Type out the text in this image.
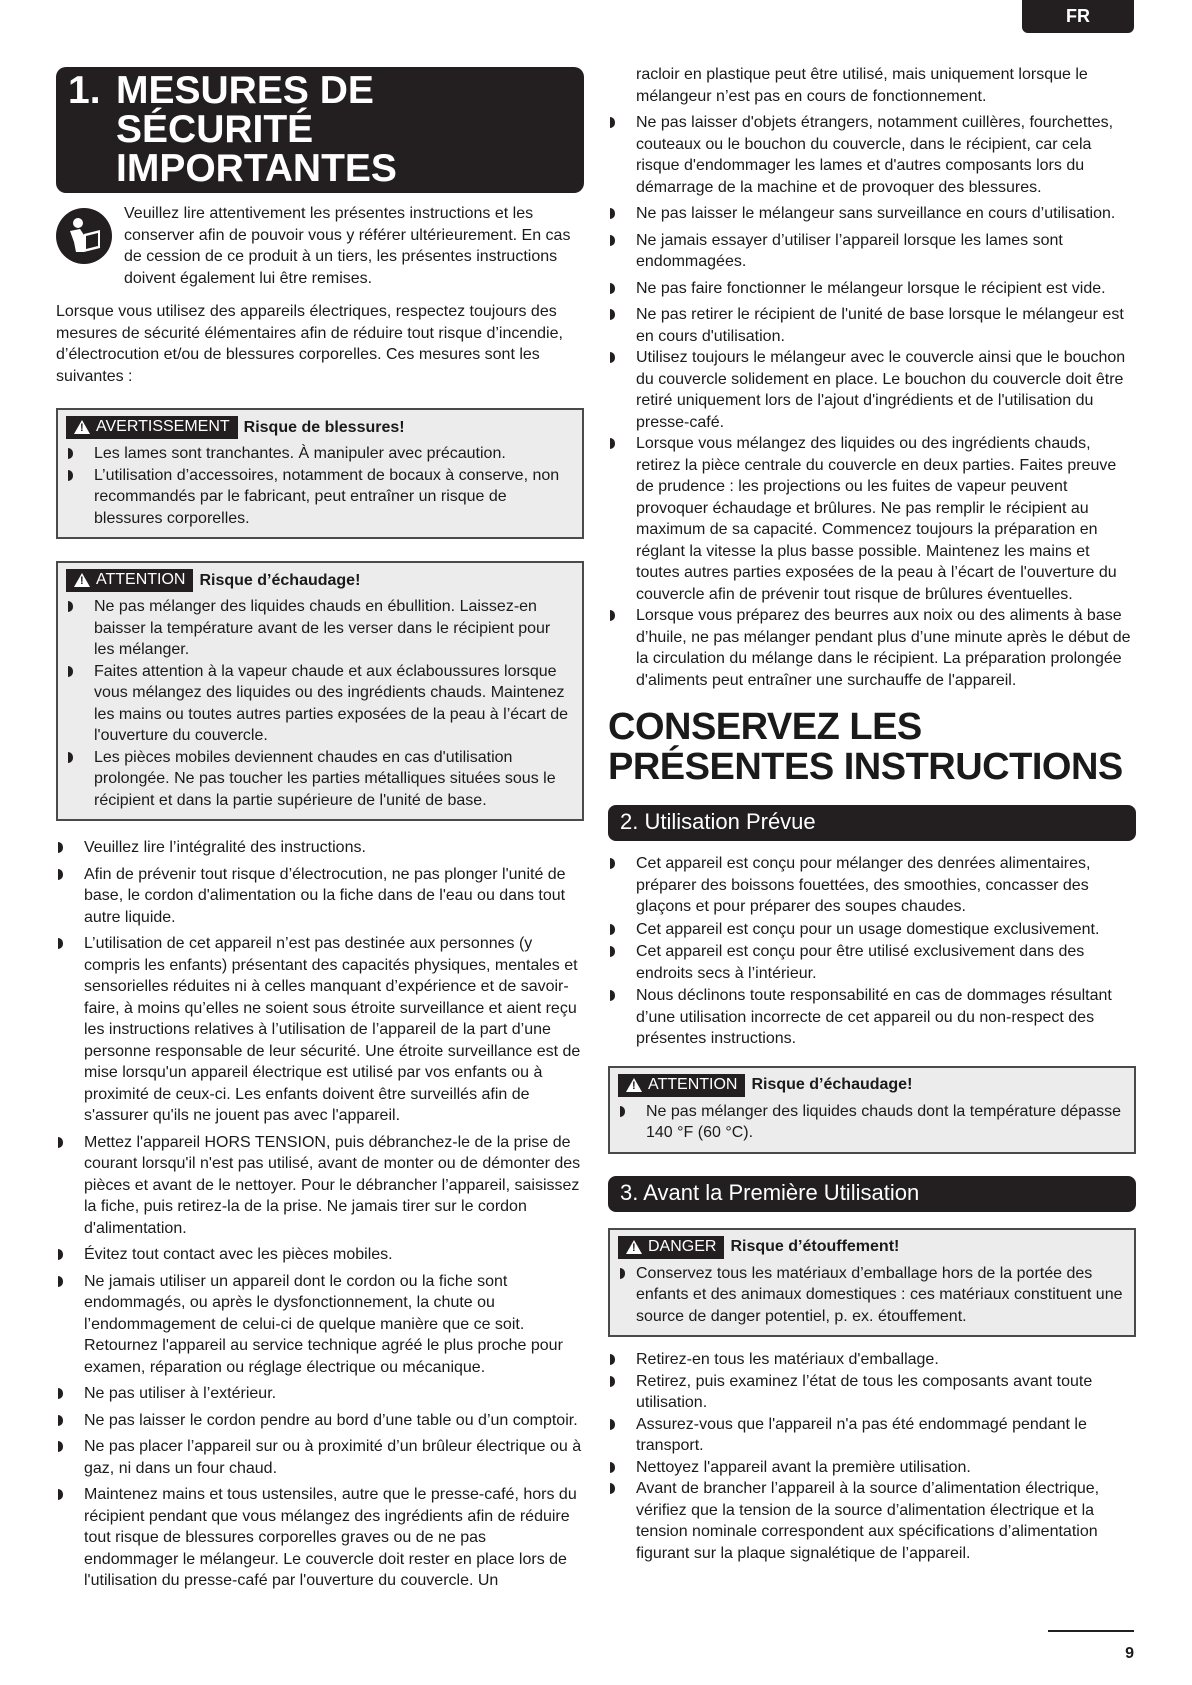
FR
1. MESURES DE
SÉCURITÉ
IMPORTANTES
Veuillez lire attentivement les présentes instructions et les conserver afin de pouvoir vous y référer ultérieurement. En cas de cession de ce produit à un tiers, les présentes instructions doivent également lui être remises.
Lorsque vous utilisez des appareils électriques, respectez toujours des mesures de sécurité élémentaires afin de réduire tout risque d’incendie, d’électrocution et/ou de blessures corporelles. Ces mesures sont les suivantes :
!
AVERTISSEMENT Risque de blessures!
Les lames sont tranchantes. À manipuler avec précaution.
L’utilisation d’accessoires, notamment de bocaux à conserve, non recommandés par le fabricant, peut entraîner un risque de blessures corporelles.
!
ATTENTION Risque d’échaudage!
Ne pas mélanger des liquides chauds en ébullition. Laissez-en baisser la température avant de les verser dans le récipient pour les mélanger.
Faites attention à la vapeur chaude et aux éclaboussures lorsque vous mélangez des liquides ou des ingrédients chauds. Maintenez les mains ou toutes autres parties exposées de la peau à l’écart de l'ouverture du couvercle.
Les pièces mobiles deviennent chaudes en cas d'utilisation prolongée. Ne pas toucher les parties métalliques situées sous le récipient et dans la partie supérieure de l'unité de base.
Veuillez lire l’intégralité des instructions.
Afin de prévenir tout risque d’électrocution, ne pas plonger l'unité de base, le cordon d'alimentation ou la fiche dans de l'eau ou dans tout autre liquide.
L’utilisation de cet appareil n’est pas destinée aux personnes (y compris les enfants) présentant des capacités physiques, mentales et sensorielles réduites ni à celles manquant d’expérience et de savoir-faire, à moins qu’elles ne soient sous étroite surveillance et aient reçu les instructions relatives à l’utilisation de l’appareil de la part d’une personne responsable de leur sécurité. Une étroite surveillance est de mise lorsqu'un appareil électrique est utilisé par vos enfants ou à proximité de ceux-ci. Les enfants doivent être surveillés afin de s'assurer qu'ils ne jouent pas avec l'appareil.
Mettez l'appareil HORS TENSION, puis débranchez-le de la prise de courant lorsqu'il n'est pas utilisé, avant de monter ou de démonter des pièces et avant de le nettoyer. Pour le débrancher l’appareil, saisissez la fiche, puis retirez-la de la prise. Ne jamais tirer sur le cordon d'alimentation.
Évitez tout contact avec les pièces mobiles.
Ne jamais utiliser un appareil dont le cordon ou la fiche sont endommagés, ou après le dysfonctionnement, la chute ou l’endommagement de celui-ci de quelque manière que ce soit. Retournez l'appareil au service technique agréé le plus proche pour examen, réparation ou réglage électrique ou mécanique.
Ne pas utiliser à l’extérieur.
Ne pas laisser le cordon pendre au bord d’une table ou d’un comptoir.
Ne pas placer l’appareil sur ou à proximité d’un brûleur électrique ou à gaz, ni dans un four chaud.
Maintenez mains et tous ustensiles, autre que le presse-café, hors du récipient pendant que vous mélangez des ingrédients afin de réduire tout risque de blessures corporelles graves ou de ne pas endommager le mélangeur. Le couvercle doit rester en place lors de l'utilisation du presse-café par l'ouverture du couvercle. Un
racloir en plastique peut être utilisé, mais uniquement lorsque le mélangeur n’est pas en cours de fonctionnement.
Ne pas laisser d'objets étrangers, notamment cuillères, fourchettes, couteaux ou le bouchon du couvercle, dans le récipient, car cela risque d'endommager les lames et d'autres composants lors du démarrage de la machine et de provoquer des blessures.
Ne pas laisser le mélangeur sans surveillance en cours d’utilisation.
Ne jamais essayer d’utiliser l’appareil lorsque les lames sont endommagées.
Ne pas faire fonctionner le mélangeur lorsque le récipient est vide.
Ne pas retirer le récipient de l'unité de base lorsque le mélangeur est en cours d'utilisation.
Utilisez toujours le mélangeur avec le couvercle ainsi que le bouchon du couvercle solidement en place. Le bouchon du couvercle doit être retiré uniquement lors de l'ajout d'ingrédients et de l'utilisation du presse-café.
Lorsque vous mélangez des liquides ou des ingrédients chauds, retirez la pièce centrale du couvercle en deux parties. Faites preuve de prudence : les projections ou les fuites de vapeur peuvent provoquer échaudage et brûlures. Ne pas remplir le récipient au maximum de sa capacité. Commencez toujours la préparation en réglant la vitesse la plus basse possible. Maintenez les mains et toutes autres parties exposées de la peau à l’écart de l'ouverture du couvercle afin de prévenir tout risque de brûlures éventuelles.
Lorsque vous préparez des beurres aux noix ou des aliments à base d’huile, ne pas mélanger pendant plus d’une minute après le début de la circulation du mélange dans le récipient. La préparation prolongée d'aliments peut entraîner une surchauffe de l'appareil.
CONSERVEZ LES
PRÉSENTES INSTRUCTIONS
2. Utilisation Prévue
Cet appareil est conçu pour mélanger des denrées alimentaires, préparer des boissons fouettées, des smoothies, concasser des glaçons et pour préparer des soupes chaudes.
Cet appareil est conçu pour un usage domestique exclusivement.
Cet appareil est conçu pour être utilisé exclusivement dans des endroits secs à l’intérieur.
Nous déclinons toute responsabilité en cas de dommages résultant d’une utilisation incorrecte de cet appareil ou du non-respect des présentes instructions.
!
ATTENTION Risque d’échaudage!
Ne pas mélanger des liquides chauds dont la température dépasse 140 °F (60 °C).
3. Avant la Première Utilisation
!
DANGER Risque d’étouffement!
Conservez tous les matériaux d’emballage hors de la portée des enfants et des animaux domestiques : ces matériaux constituent une source de danger potentiel, p. ex. étouffement.
Retirez-en tous les matériaux d'emballage.
Retirez, puis examinez l’état de tous les composants avant toute utilisation.
Assurez-vous que l'appareil n'a pas été endommagé pendant le transport.
Nettoyez l'appareil avant la première utilisation.
Avant de brancher l’appareil à la source d’alimentation électrique, vérifiez que la tension de la source d’alimentation électrique et la tension nominale correspondent aux spécifications d’alimentation figurant sur la plaque signalétique de l’appareil.
9
